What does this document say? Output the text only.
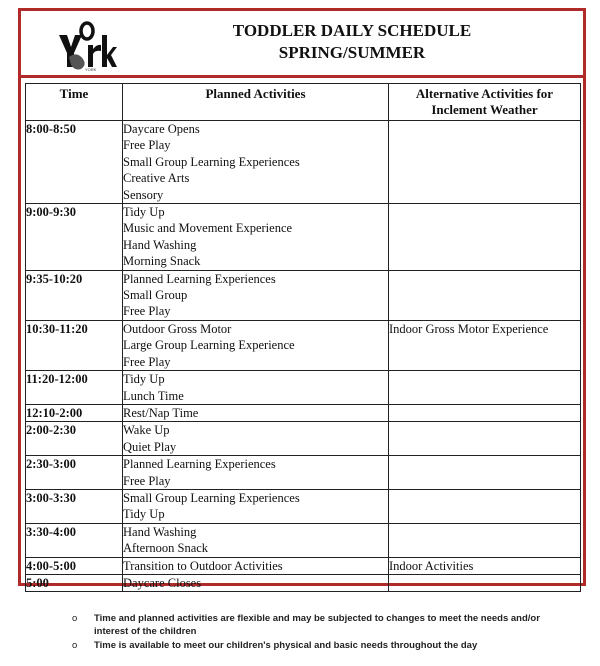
YORK
TODDLER DAILY SCHEDULE
SPRING/SUMMER
Time	Planned Activities	Alternative Activities for Inclement Weather
8:00-8:50	Daycare Opens
Free Play
Small Group Learning Experiences
Creative Arts
Sensory	

9:00-9:30	Tidy Up
Music and Movement Experience
Hand Washing
Morning Snack	

9:35-10:20	Planned Learning Experiences
Small Group
Free Play	

10:30-11:20	Outdoor Gross Motor
Large Group Learning Experience
Free Play	Indoor Gross Motor Experience

11:20-12:00	Tidy Up
Lunch Time	

12:10-2:00	Rest/Nap Time	

2:00-2:30	Wake Up
Quiet Play	

2:30-3:00	Planned Learning Experiences
Free Play	

3:00-3:30	Small Group Learning Experiences
Tidy Up	

3:30-4:00	Hand Washing
Afternoon Snack	

4:00-5:00	Transition to Outdoor Activities	Indoor Activities

5:00	Daycare Closes	

o Time and planned activities are flexible and may be subjected to changes to meet the needs and/or interest of the children
o Time is available to meet our children's physical and basic needs throughout the day
